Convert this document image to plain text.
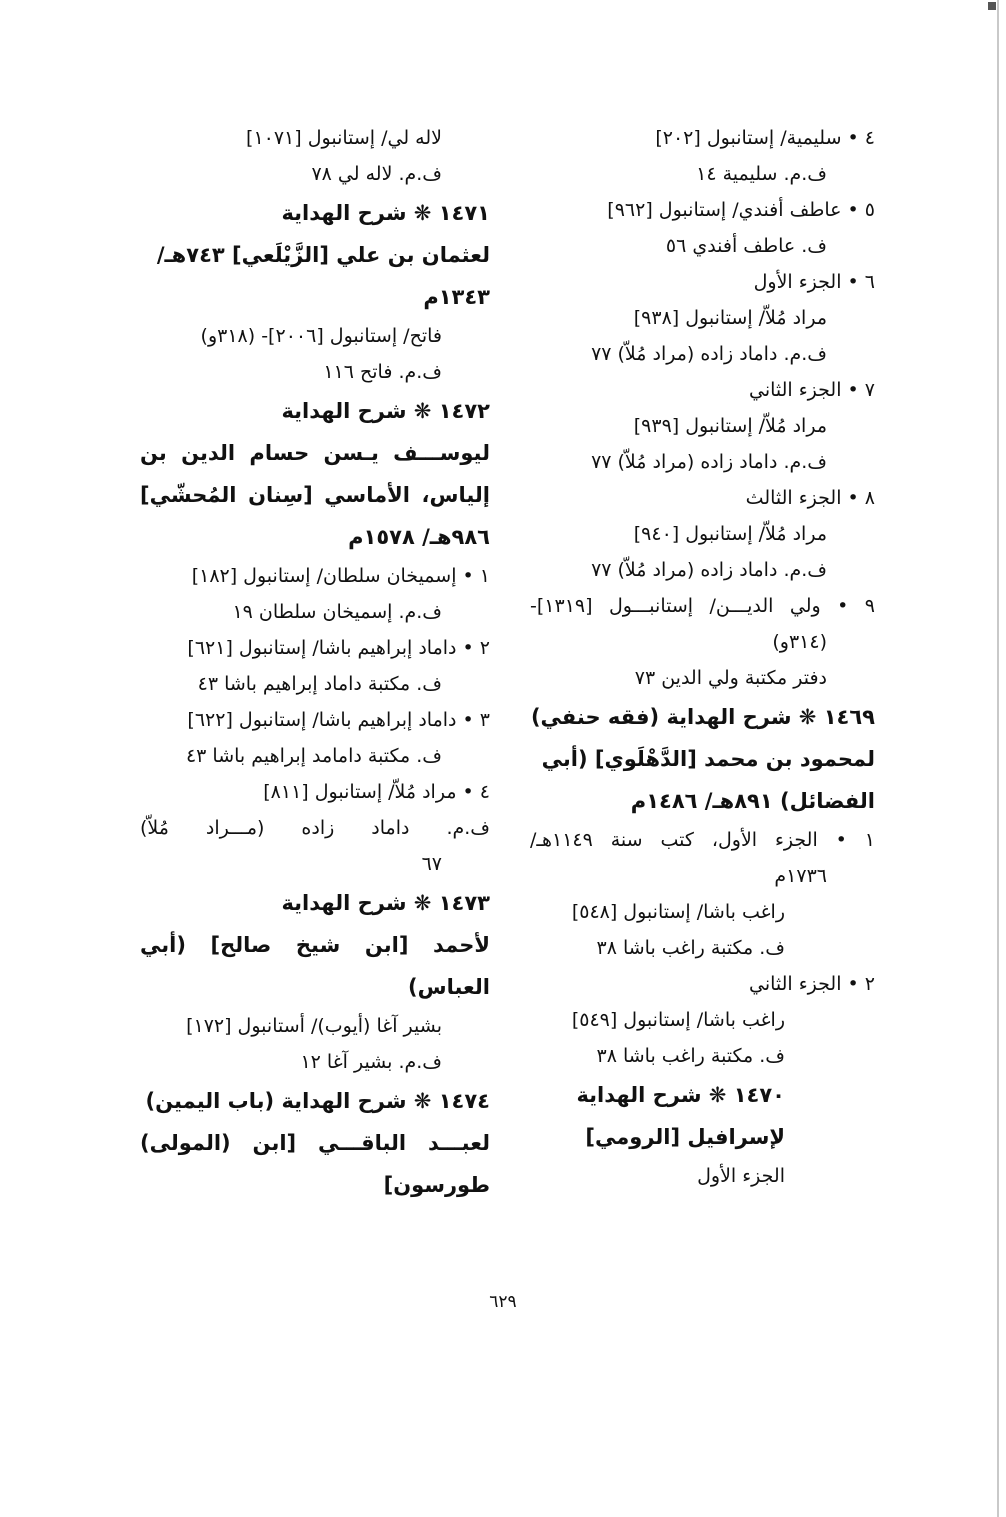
٤ • سليمية/ إستانبول [٢٠٢]
ف.م. سليمية ١٤
٥ • عاطف أفندي/ إستانبول [٩٦٢]
ف. عاطف أفندي ٥٦
٦ • الجزء الأول
مراد مُلاّ/ إستانبول [٩٣٨]
ف.م. داماد زاده (مراد مُلاّ) ٧٧
٧ • الجزء الثاني
مراد مُلاّ/ إستانبول [٩٣٩]
ف.م. داماد زاده (مراد مُلاّ) ٧٧
٨ • الجزء الثالث
مراد مُلاّ/ إستانبول [٩٤٠]
ف.م. داماد زاده (مراد مُلاّ) ٧٧
٩ • ولي الديـــن/ إستانبـــول [١٣١٩]-
(٣١٤و)
دفتر مكتبة ولي الدين ٧٣
١٤٦٩ ❋ شرح الهداية (فقه حنفي)
لمحمود بن محمد [الدَّهْلَوي] (أبي
الفضائل) ٨٩١هـ/ ١٤٨٦م
١ • الجزء الأول، كتب سنة ١١٤٩هـ/
١٧٣٦م
راغب باشا/ إستانبول [٥٤٨]
ف. مكتبة راغب باشا ٣٨
٢ • الجزء الثاني
راغب باشا/ إستانبول [٥٤٩]
ف. مكتبة راغب باشا ٣٨
١٤٧٠ ❋ شرح الهداية
لإسرافيل [الرومي]
الجزء الأول
لاله لي/ إستانبول [١٠٧١]
ف.م. لاله لي ٧٨
١٤٧١ ❋ شرح الهداية
لعثمان بن علي [الزَّيْلَعي] ٧٤٣هـ/
١٣٤٣م
فاتح/ إستانبول [٢٠٠٦]- (٣١٨و)
ف.م. فاتح ١١٦
١٤٧٢ ❋ شرح الهداية
ليوســـف يـسن حسام الدين بن
إلياس، الأماسي [سِنان المُحشّي]
٩٨٦هـ/ ١٥٧٨م
١ • إسميخان سلطان/ إستانبول [١٨٢]
ف.م. إسميخان سلطان ١٩
٢ • داماد إبراهيم باشا/ إستانبول [٦٢١]
ف. مكتبة داماد إبراهيم باشا ٤٣
٣ • داماد إبراهيم باشا/ إستانبول [٦٢٢]
ف. مكتبة دامامد إبراهيم باشا ٤٣
٤ • مراد مُلاّ/ إستانبول [٨١١]
ف.م. داماد زاده (مـــراد مُلاّ)
٦٧
١٤٧٣ ❋ شرح الهداية
لأحمد [ابن شيخ صالح] (أبي
العباس)
بشير آغا (أيوب)/ أستانبول [١٧٢]
ف.م. بشير آغا ١٢
١٤٧٤ ❋ شرح الهداية (باب اليمين)
لعبـــد الباقـــي [ابن (المولى)
طورسون]
٦٢٩
